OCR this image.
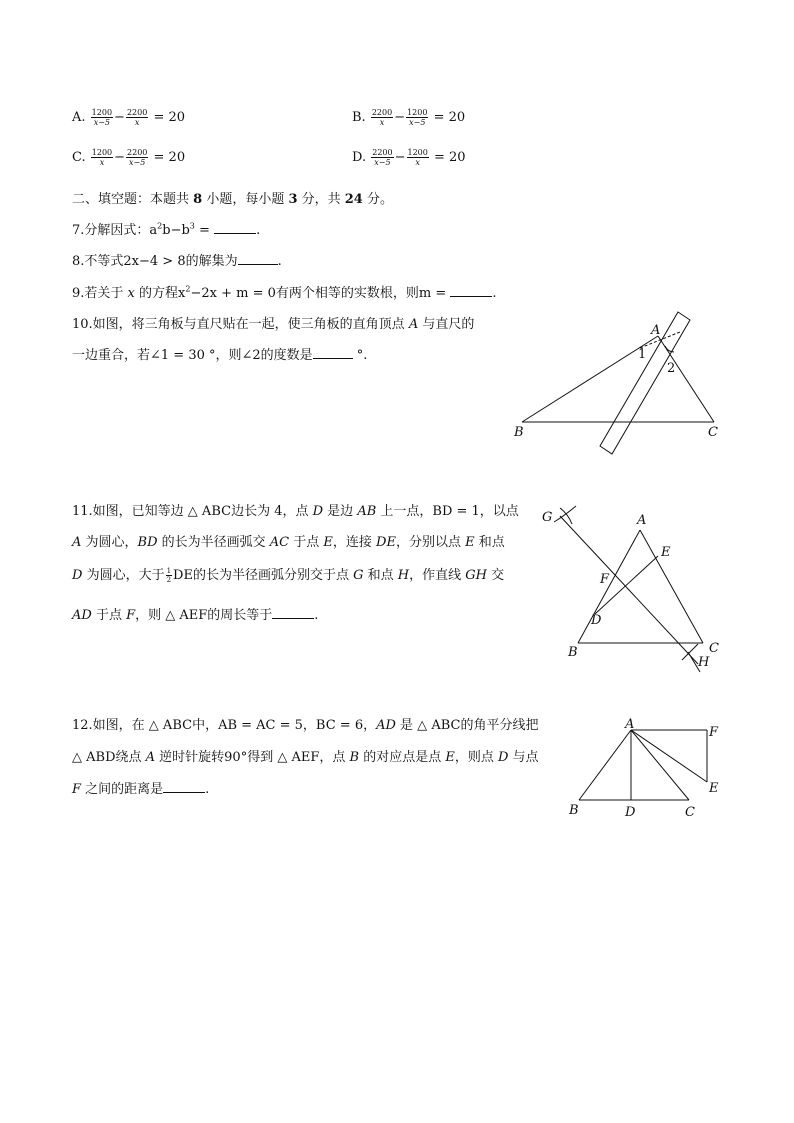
A. $\frac{1200}{x-5} - \frac{2200}{x} = 20$	B. $\frac{2200}{x} - \frac{1200}{x-5} = 20$
C. $\frac{1200}{x} - \frac{2200}{x-5} = 20$	D. $\frac{2200}{x-5} - \frac{1200}{x} = 20$
二、填空题：本题共 8 小题，每小题 3 分，共 24 分。
7.分解因式：$a^2b-b^3$ =	.
8.不等式2x−4 > 8的解集为	.
9.若关于 x 的方程$x^2-2x + m = 0$有两个相等的实数根，则m =	.
10.如图，将三角板与直尺贴在一起，使三角板的直角顶点 A 与直尺的
一边重合，若∠1 = 30 °，则∠2的度数是	°.
A
B	C
1
2
11.如图，已知等边 △ ABC边长为 4，点 D 是边 AB 上一点，BD = 1，以点
A 为圆心，BD 的长为半径画弧交 AC 于点 E，连接 DE，分别以点 E 和点
D 为圆心，大于 $\frac{1}{2}$ DE的长为半径画弧分别交于点 G 和点 H，作直线 GH 交
AD 于点 F，则 △ AEF的周长等于	.
G	A
E
F
D
B	C
H
12.如图，在 △ ABC中，AB = AC = 5，BC = 6，AD 是 △ ABC的角平分线把
△ ABD绕点 A 逆时针旋转90°得到 △ AEF，点 B 的对应点是点 E，则点 D 与点
F 之间的距离是	.
A
F
E
B	D	C
